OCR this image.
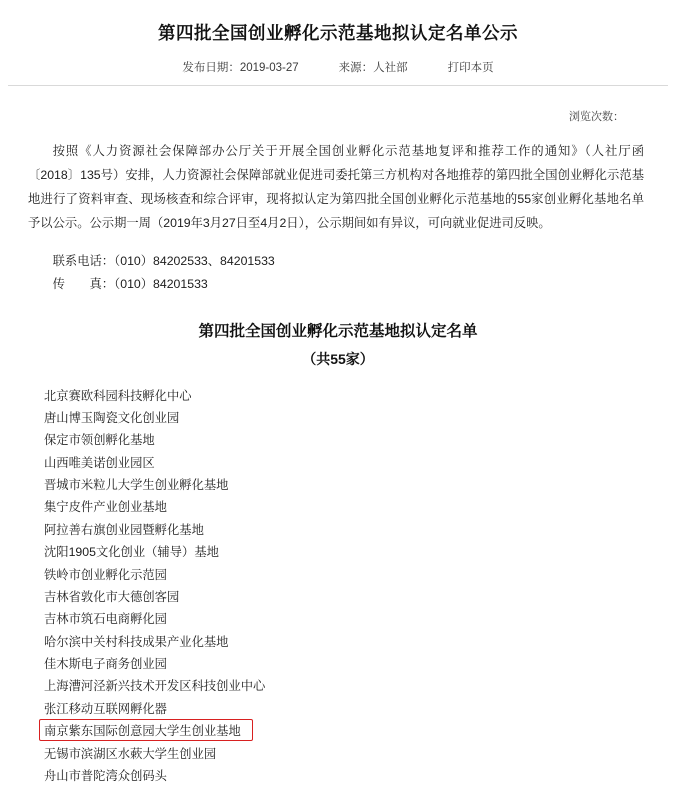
第四批全国创业孵化示范基地拟认定名单公示
发布日期：2019-03-27	来源：人社部	打印本页
浏览次数：

按照《人力资源社会保障部办公厅关于开展全国创业孵化示范基地复评和推荐工作的通知》（人社厅函〔2018〕135号）安排，人力资源社会保障部就业促进司委托第三方机构对各地推荐的第四批全国创业孵化示范基地进行了资料审查、现场核查和综合评审，现将拟认定为第四批全国创业孵化示范基地的55家创业孵化基地名单予以公示。公示期一周（2019年3月27日至4月2日），公示期间如有异议，可向就业促进司反映。

联系电话：（010）84202533、84201533
传　　真：（010）84201533
第四批全国创业孵化示范基地拟认定名单
（共55家）
北京赛欧科园科技孵化中心
唐山博玉陶瓷文化创业园
保定市领创孵化基地
山西唯美诺创业园区
晋城市米粒儿大学生创业孵化基地
集宁皮件产业创业基地
阿拉善右旗创业园暨孵化基地
沈阳1905文化创业（辅导）基地
铁岭市创业孵化示范园
吉林省敦化市大德创客园
吉林市筑石电商孵化园
哈尔滨中关村科技成果产业化基地
佳木斯电子商务创业园
上海漕河泾新兴技术开发区科技创业中心
张江移动互联网孵化器
南京紫东国际创意园大学生创业基地
无锡市滨湖区水蔌大学生创业园
舟山市普陀湾众创码头
